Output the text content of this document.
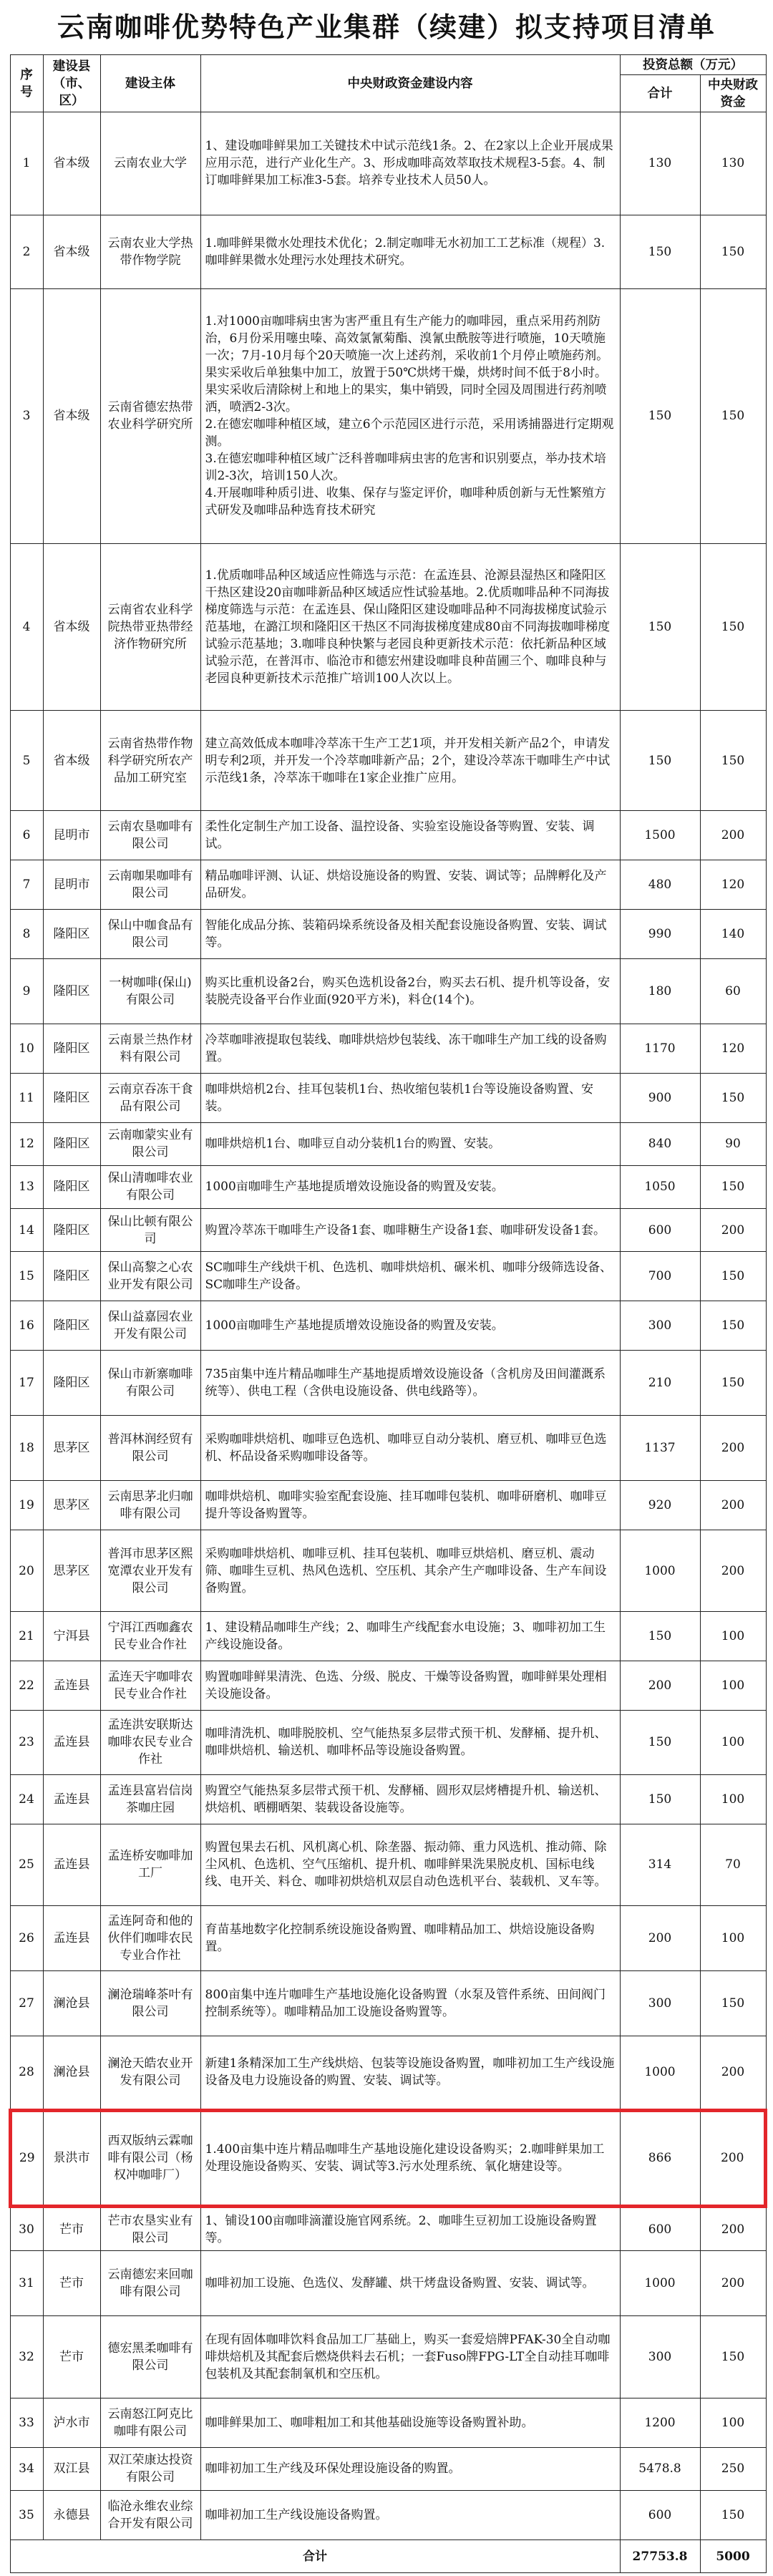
云南咖啡优势特色产业集群（续建）拟支持项目清单
序号	建设县（市、区）	建设主体	中央财政资金建设内容	投资总额（万元）	
				合计	中央财政资金
1	省本级	云南农业大学	1、建设咖啡鲜果加工关键技术中试示范线1条。2、在2家以上企业开展成果应用示范，进行产业化生产。3、形成咖啡高效萃取技术规程3-5套。4、制订咖啡鲜果加工标准3-5套。培养专业技术人员50人。	130	130
2	省本级	云南农业大学热带作物学院	1.咖啡鲜果微水处理技术优化；2.制定咖啡无水初加工工艺标准（规程）3.咖啡鲜果微水处理污水处理技术研究。	150	150
3	省本级	云南省德宏热带农业科学研究所	1.对1000亩咖啡病虫害为害严重且有生产能力的咖啡园，重点采用药剂防治，6月份采用噻虫嗪、高效氯氰菊酯、溴氰虫酰胺等进行喷施，10天喷施一次；7月-10月每个20天喷施一次上述药剂，采收前1个月停止喷施药剂。果实采收后单独集中加工，放置于50℃烘烤干燥，烘烤时间不低于8小时。果实采收后清除树上和地上的果实，集中销毁，同时全园及周围进行药剂喷洒，喷洒2-3次。
2.在德宏咖啡种植区域，建立6个示范园区进行示范，采用诱捕器进行定期观测。
3.在德宏咖啡种植区域广泛科普咖啡病虫害的危害和识别要点，举办技术培训2-3次，培训150人次。
4.开展咖啡种质引进、收集、保存与鉴定评价，咖啡种质创新与无性繁殖方式研发及咖啡品种选育技术研究	150	150
4	省本级	云南省农业科学院热带亚热带经济作物研究所	1.优质咖啡品种区域适应性筛选与示范：在孟连县、沧源县湿热区和隆阳区干热区建设20亩咖啡新品种区域适应性试验基地。2.优质咖啡品种不同海拔梯度筛选与示范：在孟连县、保山隆阳区建设咖啡品种不同海拔梯度试验示范基地，在潞江坝和隆阳区干热区不同海拔梯度建成80亩不同海拔咖啡梯度试验示范基地；3.咖啡良种快繁与老园良种更新技术示范：依托新品种区域试验示范，在普洱市、临沧市和德宏州建设咖啡良种苗圃三个、咖啡良种与老园良种更新技术示范推广培训100人次以上。	150	150
5	省本级	云南省热带作物科学研究所农产品加工研究室	建立高效低成本咖啡冷萃冻干生产工艺1项，并开发相关新产品2个，申请发明专利2项，并开发一个冷萃咖啡新产品；2个，建设冷萃冻干咖啡生产中试示范线1条，冷萃冻干咖啡在1家企业推广应用。	150	150
6	昆明市	云南农垦咖啡有限公司	柔性化定制生产加工设备、温控设备、实验室设施设备等购置、安装、调试。	1500	200
7	昆明市	云南咖果咖啡有限公司	精品咖啡评测、认证、烘焙设施设备的购置、安装、调试等；品牌孵化及产品研发。	480	120
8	隆阳区	保山中咖食品有限公司	智能化成品分拣、装箱码垛系统设备及相关配套设施设备购置、安装、调试等。	990	140
9	隆阳区	一树咖啡(保山)有限公司	购买比重机设备2台，购买色选机设备2台，购买去石机、提升机等设备，安装脱壳设备平台作业面(920平方米)，料仓(14个)。	180	60
10	隆阳区	云南景兰热作材料有限公司	冷萃咖啡液提取包装线、咖啡烘焙炒包装线、冻干咖啡生产加工线的设备购置。	1170	120
11	隆阳区	云南京吞冻干食品有限公司	咖啡烘焙机2台、挂耳包装机1台、热收缩包装机1台等设施设备购置、安装。	900	150
12	隆阳区	云南咖蒙实业有限公司	咖啡烘焙机1台、咖啡豆自动分装机1台的购置、安装。	840	90
13	隆阳区	保山清咖啡农业有限公司	1000亩咖啡生产基地提质增效设施设备的购置及安装。	1050	150
14	隆阳区	保山比顿有限公司	购置冷萃冻干咖啡生产设备1套、咖啡糖生产设备1套、咖啡研发设备1套。	600	200
15	隆阳区	保山高黎之心农业开发有限公司	SC咖啡生产线烘干机、色选机、咖啡烘焙机、碾米机、咖啡分级筛选设备、SC咖啡生产设备。	700	150
16	隆阳区	保山益嘉园农业开发有限公司	1000亩咖啡生产基地提质增效设施设备的购置及安装。	300	150
17	隆阳区	保山市新寨咖啡有限公司	735亩集中连片精品咖啡生产基地提质增效设施设备（含机房及田间灌溉系统等）、供电工程（含供电设施设备、供电线路等）。	210	150
18	思茅区	普洱林润经贸有限公司	采购咖啡烘焙机、咖啡豆色选机、咖啡豆自动分装机、磨豆机、咖啡豆色选机、杯品设备采购咖啡设备等。	1137	200
19	思茅区	云南思茅北归咖啡有限公司	咖啡烘焙机、咖啡实验室配套设施、挂耳咖啡包装机、咖啡研磨机、咖啡豆提升等设备购置等。	920	200
20	思茅区	普洱市思茅区熙宽潭农业开发有限公司	采购咖啡烘焙机、咖啡豆机、挂耳包装机、咖啡豆烘焙机、磨豆机、震动筛、咖啡生豆机、热风色选机、空压机、其余产生产咖啡设备、生产车间设备购置。	1000	200
21	宁洱县	宁洱江西咖鑫农民专业合作社	1、建设精品咖啡生产线；2、咖啡生产线配套水电设施；3、咖啡初加工生产线设施设备。	150	100
22	孟连县	孟连天宇咖啡农民专业合作社	购置咖啡鲜果清洗、色选、分级、脱皮、干燥等设备购置，咖啡鲜果处理相关设施设备。	200	100
23	孟连县	孟连洪安联斯达咖啡农民专业合作社	咖啡清洗机、咖啡脱胶机、空气能热泵多层带式预干机、发酵桶、提升机、咖啡烘焙机、输送机、咖啡杯品等设施设备购置。	150	100
24	孟连县	孟连县富岩信岗茶咖庄园	购置空气能热泵多层带式预干机、发酵桶、圆形双层烤槽提升机、输送机、烘焙机、晒棚晒架、装载设备设施等。	150	100
25	孟连县	孟连桥安咖啡加工厂	购置包果去石机、风机离心机、除垄器、振动筛、重力风选机、推动筛、除尘风机、色选机、空气压缩机、提升机、咖啡鲜果洗果脱皮机、国标电线线、电开关、料仓、咖啡初烘焙机双层自动色选机平台、装载机、叉车等。	314	70
26	孟连县	孟连阿奇和他的伙伴们咖啡农民专业合作社	育苗基地数字化控制系统设施设备购置、咖啡精品加工、烘焙设施设备购置。	200	100
27	澜沧县	澜沧瑞峰茶叶有限公司	800亩集中连片咖啡生产基地设施化设备购置（水泵及管件系统、田间阀门控制系统等）。咖啡精品加工设施设备购置等。	300	150
28	澜沧县	澜沧天皓农业开发有限公司	新建1条精深加工生产线烘焙、包装等设施设备购置，咖啡初加工生产线设施设备及电力设施设备的购置、安装、调试等。	1000	200
29	景洪市	西双版纳云霖咖啡有限公司（杨权冲咖啡厂）	1.400亩集中连片精品咖啡生产基地设施化建设设备购买；2.咖啡鲜果加工处理设施设备购买、安装、调试等3.污水处理系统、氧化塘建设等。	866	200
30	芒市	芒市农垦实业有限公司	1、铺设100亩咖啡滴灌设施官网系统。2、咖啡生豆初加工设施设备购置等。	600	200
31	芒市	云南德宏来回咖啡有限公司	咖啡初加工设施、色选仪、发酵罐、烘干烤盘设备购置、安装、调试等。	1000	200
32	芒市	德宏黑柔咖啡有限公司	在现有固体咖啡饮料食品加工厂基础上，购买一套爱焙牌PFAK-30全自动咖啡烘焙机及其配套后燃烧供料去石机；一套Fuso牌FPG-LT全自动挂耳咖啡包装机及其配套制氧机和空压机。	300	150
33	泸水市	云南怒江阿克比咖啡有限公司	咖啡鲜果加工、咖啡粗加工和其他基础设施等设备购置补助。	1200	100
34	双江县	双江荣康达投资有限公司	咖啡初加工生产线及环保处理设施设备的购置。	5478.8	250
35	永德县	临沧永维农业综合开发有限公司	咖啡初加工生产线设施设备购置。	600	150
合计				27753.8	5000
